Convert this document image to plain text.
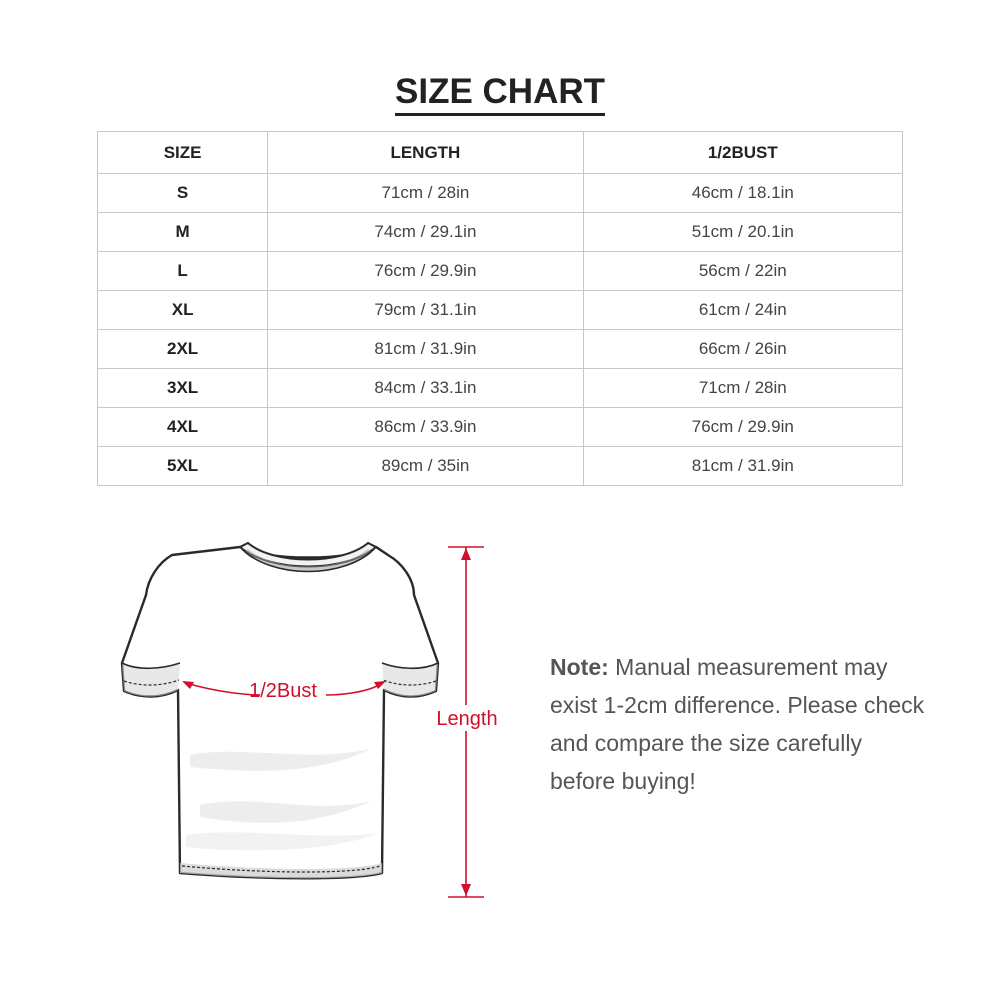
SIZE CHART
SIZE	LENGTH	1/2BUST
S	71cm / 28in	46cm / 18.1in
M	74cm / 29.1in	51cm / 20.1in
L	76cm / 29.9in	56cm / 22in
XL	79cm / 31.1in	61cm / 24in
2XL	81cm / 31.9in	66cm / 26in
3XL	84cm / 33.1in	71cm / 28in
4XL	86cm / 33.9in	76cm / 29.9in
5XL	89cm / 35in	81cm / 31.9in
1/2Bust
Length
Note: Manual measurement may exist 1-2cm difference. Please check and compare the size carefully before buying!
